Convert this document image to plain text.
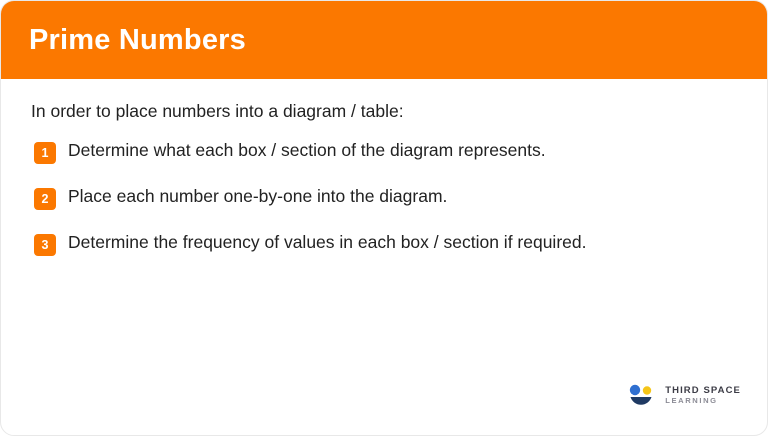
Prime Numbers
In order to place numbers into a diagram / table:
1	Determine what each box / section of the diagram represents.
2	Place each number one-by-one into the diagram.
3	Determine the frequency of values in each box / section if required.
THIRD SPACE
LEARNING
